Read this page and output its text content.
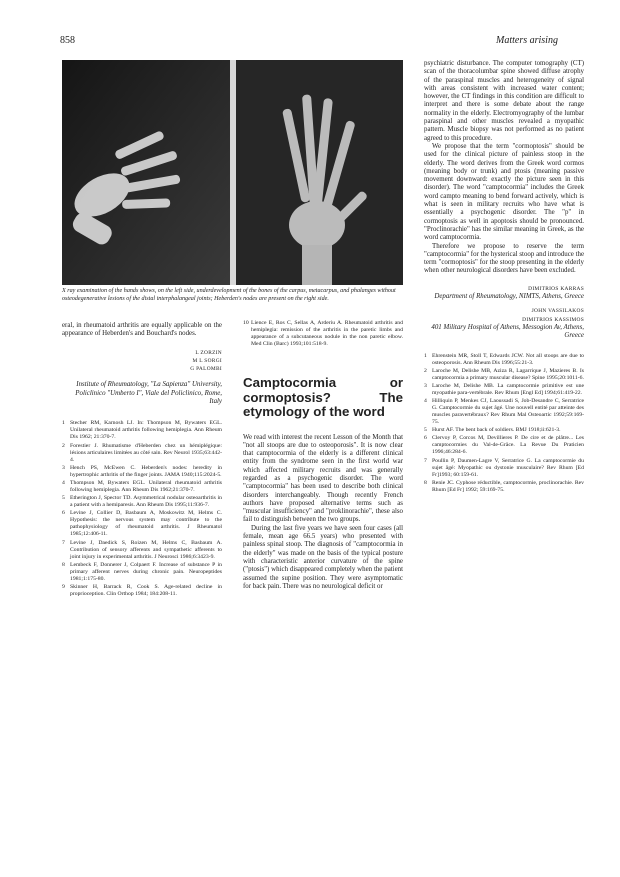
858	Matters arising
X ray examination of the hands shows, on the left side, underdevelopment of the bones of the carpus, metacarpus, and phalanges without osteodegenerative lesions of the distal interphalangeal joints; Heberden's nodes are present on the right side.

eral, in rheumatoid arthritis are equally applicable on the appearance of Heberden's and Bouchard's nodes.

L ZORZIN
M L SORGI
G PALOMBI

Institute of Rheumatology, "La Sapienza" University, Policlinico "Umberto I", Viale del Policlinico, Rome, Italy

1 Stecher RM, Karnosh LJ. In: Thompson M, Bywaters EGL. Unilateral rheumatoid arthritis following hemiplegia. Ann Rheum Dis 1962; 21:370-7.
2 Forestier J. Rhumatisme d'Heberden chez un hémiplégique: lésions articulaires limitées au côté sain. Rev Neurol 1935;63:442-4.
3 Hench PS, McEwen C. Heberden's nodes: heredity in hypertrophic arthritis of the finger joints. JAMA 1940;115:2024-5.
4 Thompson M, Bywaters EGL. Unilateral rheumatoid arthritis following hemiplegia. Ann Rheum Dis 1962;21:370-7.
5 Etherington J, Spector TD. Asymmetrical nodular osteoarthritis in a patient with a hemiparesis. Ann Rheum Dis 1995;11:936-7.
6 Levine J, Collier D, Basbaum A, Moskowitz M, Helms C. Hypothesis: the nervous system may contribute to the pathophysiology of rheumatoid arthritis. J Rheumatol 1985;12:406-11.
7 Levine J, Daedick S, Roizen M, Helms C, Basbaum A. Contribution of sensory afferents and sympathetic afferents to joint injury in experimental arthritis. J Neurosci 1986;6:3423-9.
8 Lembeck F, Donnerer J, Colpaert F. Increase of substance P in primary afferent nerves during chronic pain. Neuropeptides 1981;1:175-80.
9 Skinner H, Barrack R, Cook S. Age-related decline in proprioception. Clin Orthop 1984; 184:208-11.
10 Lience E, Ros C, Sellas A, Arderiu A. Rheumatoid arthritis and hemiplegia: remission of the arthritis in the paretic limbs and appearance of a subcutaneous nodule in the non paretic elbow. Med Clin (Barc) 1993;101:518-9.
Camptocormia or cormoptosis? The etymology of the word

We read with interest the recent Lesson of the Month that "not all stoops are due to osteoporosis". It is now clear that camptocormia of the elderly is a different clinical entity from the syndrome seen in the first world war which affected military recruits and was generally regarded as a psychogenic disorder. The word "camptocormia" has been used to describe both clinical disorders interchangeably. Though recently French authors have proposed alternative terms such as "muscular insufficiency" and "proklinorachie", these also fail to distinguish between the two groups.

During the last five years we have seen four cases (all female, mean age 66.5 years) who presented with painless spinal stoop. The diagnosis of "camptocormia in the elderly" was made on the basis of the typical posture with characteristic anterior curvature of the spine ("ptosis") which disappeared completely when the patient assumed the supine position. They were asymptomatic for back pain. There was no neurological deficit or

psychiatric disturbance. The computer tomography (CT) scan of the thoracolumbar spine showed diffuse atrophy of the paraspinal muscles and heterogeneity of signal with areas consistent with increased water content; however, the CT findings in this condition are difficult to interpret and there is some debate about the range normality in the elderly. Electromyography of the lumbar paraspinal and other muscles revealed a myopathic pattern. Muscle biopsy was not performed as no patient agreed to this procedure.

We propose that the term "cormoptosis" should be used for the clinical picture of painless stoop in the elderly. The word derives from the Greek word cormos (meaning body or trunk) and ptosis (meaning passive movement downward: exactly the picture seen in this disorder). The word "camptocormia" includes the Greek word campto meaning to bend forward actively, which is what is seen in military recruits who have what is essentially a psychogenic disorder. The "p" in cormoptosis as well in apoptosis should be pronounced. "Proclinorachie" has the similar meaning in Greek, as the word camptocormia.

Therefore we propose to reserve the term "camptocormia" for the hysterical stoop and introduce the term "cormoptosis" for the stoop presenting in the elderly when other neurological disorders have been excluded.

DIMITRIOS KARRAS

Department of Rheumatology, NIMTS, Athens, Greece

JOHN VASSILAKOS
DIMITRIOS KASSIMOS

401 Military Hospital of Athens, Messogion Av, Athens, Greece

1 Ehrenstein MR, Stoll T, Edwards JCW. Not all stoops are due to osteoporosis. Ann Rheum Dis 1996;55:21-3.
2 Laroche M, Delishe MB, Aziza R, Lagarrique J, Mazieres B. Is camptocormia a primary muscular disease? Spine 1995;20:1011-6.
3 Laroche M, Delishe MB. La camptocormie primitive est une myopathie para-vertébrale. Rev Rhum [Engl Ed] 1994;61:419-22.
4 Hilliquin P, Menkes CJ, Laoussadi S, Job-Desandre C, Serratrice G. Camptocormie du sujet âgé. Une nouvell entité par atteinte des muscles paravertébraux? Rev Rhum Mal Osteoartic 1992;59:169-75.
5 Hurst AF. The bent back of soldiers. BMJ 1918;ii:621-3.
6 Clervoy P, Corcos M, Devillieres P. De cire et de plâtre... Les camptocormies du Val-de-Grâce. La Revue Du Praticien 1996;46:284-6.
7 Poullin P, Daumen-Lagre V, Serratrice G. La camptocormie du sujet âgé: Myopathic ou dystonie musculaire? Rev Rhum [Ed Fr]1993; 60:159-61.
8 Renie JC. Cyphose réductible, camptocormie, proclinorachie. Rev Rhum [Ed Fr] 1992; 59:169-75.
